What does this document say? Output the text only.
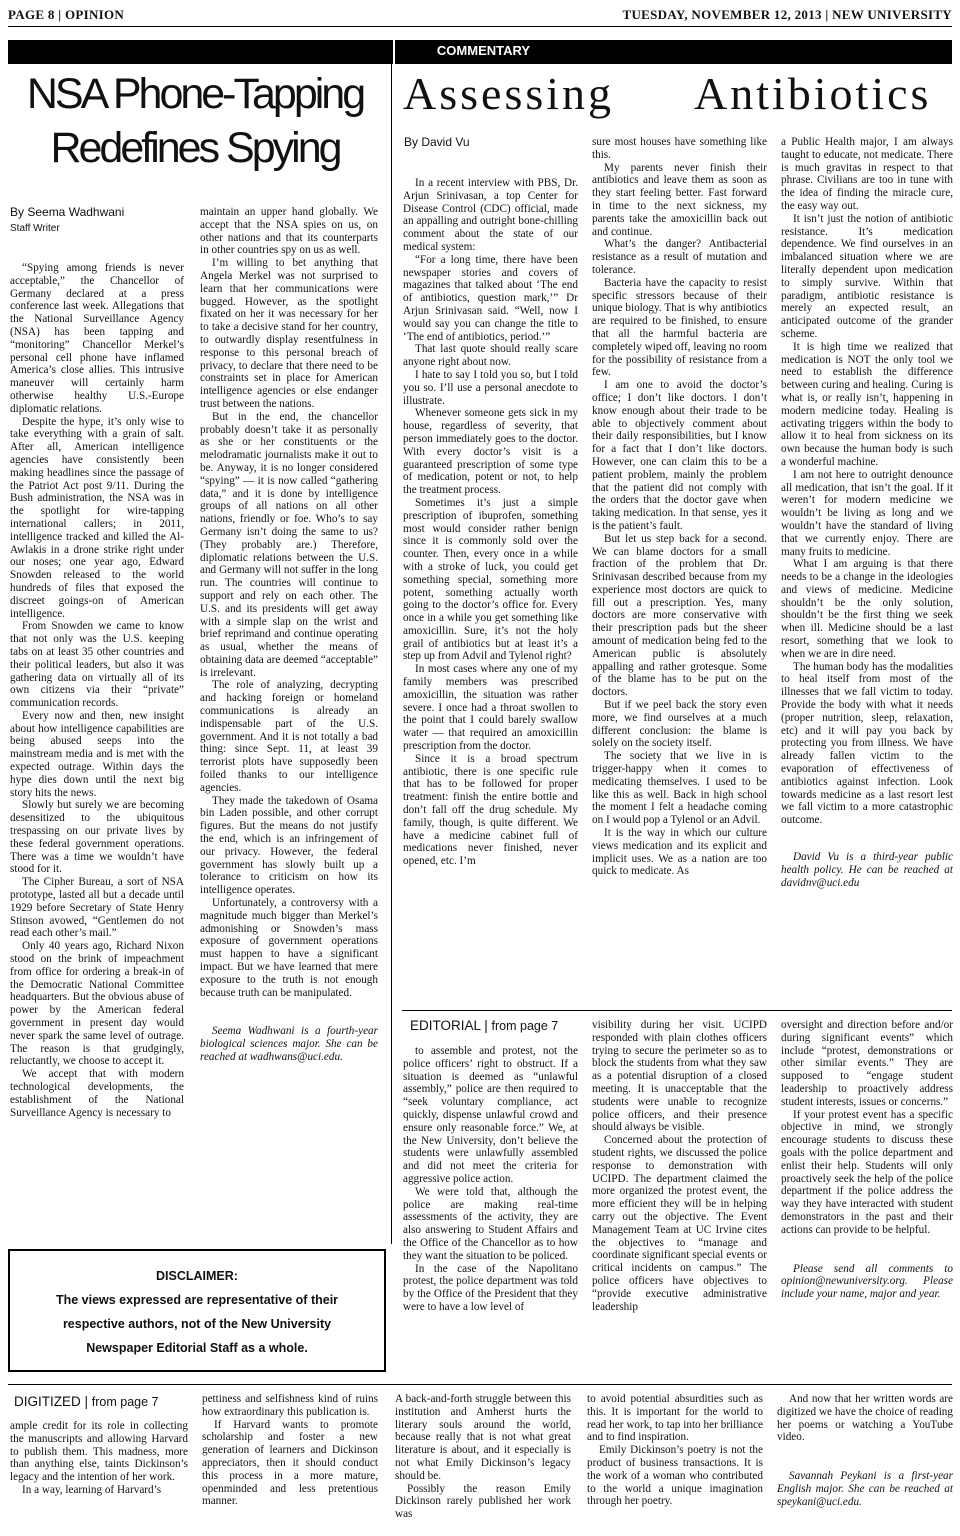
PAGE 8 | OPINION	TUESDAY, NOVEMBER 12, 2013 | NEW UNIVERSITY
NSA Phone-Tapping
Redefines Spying
By Seema Wadhwani
Staff Writer

“Spying among friends is never acceptable,” the Chancellor of Germany declared at a press conference last week. Allegations that the National Surveillance Agency (NSA) has been tapping and “monitoring” Chancellor Merkel’s personal cell phone have inflamed America’s close allies. This intrusive maneuver will certainly harm otherwise healthy U.S.-Europe diplomatic relations.

Despite the hype, it’s only wise to take everything with a grain of salt. After all, American intelligence agencies have consistently been making headlines since the passage of the Patriot Act post 9/11. During the Bush administration, the NSA was in the spotlight for wire-tapping international callers; in 2011, intelligence tracked and killed the Al-Awlakis in a drone strike right under our noses; one year ago, Edward Snowden released to the world hundreds of files that exposed the discreet goings-on of American intelligence.

From Snowden we came to know that not only was the U.S. keeping tabs on at least 35 other countries and their political leaders, but also it was gathering data on virtually all of its own citizens via their “private” communication records.

Every now and then, new insight about how intelligence capabilities are being abused seeps into the mainstream media and is met with the expected outrage. Within days the hype dies down until the next big story hits the news.

Slowly but surely we are becoming desensitized to the ubiquitous trespassing on our private lives by these federal government operations. There was a time we wouldn’t have stood for it.

The Cipher Bureau, a sort of NSA prototype, lasted all but a decade until 1929 before Secretary of State Henry Stinson avowed, “Gentlemen do not read each other’s mail.”

Only 40 years ago, Richard Nixon stood on the brink of impeachment from office for ordering a break-in of the Democratic National Committee headquarters. But the obvious abuse of power by the American federal government in present day would never spark the same level of outrage. The reason is that grudgingly, reluctantly, we choose to accept it.

We accept that with modern technological developments, the establishment of the National Surveillance Agency is necessary to

maintain an upper hand globally. We accept that the NSA spies on us, on other nations and that its counterparts in other countries spy on us as well.

I’m willing to bet anything that Angela Merkel was not surprised to learn that her communications were bugged. However, as the spotlight fixated on her it was necessary for her to take a decisive stand for her country, to outwardly display resentfulness in response to this personal breach of privacy, to declare that there need to be constraints set in place for American intelligence agencies or else endanger trust between the nations.

But in the end, the chancellor probably doesn’t take it as personally as she or her constituents or the melodramatic journalists make it out to be. Anyway, it is no longer considered “spying” — it is now called “gathering data,” and it is done by intelligence groups of all nations on all other nations, friendly or foe. Who’s to say Germany isn’t doing the same to us? (They probably are.) Therefore, diplomatic relations between the U.S. and Germany will not suffer in the long run. The countries will continue to support and rely on each other. The U.S. and its presidents will get away with a simple slap on the wrist and brief reprimand and continue operating as usual, whether the means of obtaining data are deemed “acceptable” is irrelevant.

The role of analyzing, decrypting and hacking foreign or homeland communications is already an indispensable part of the U.S. government. And it is not totally a bad thing: since Sept. 11, at least 39 terrorist plots have supposedly been foiled thanks to our intelligence agencies.

They made the takedown of Osama bin Laden possible, and other corrupt figures. But the means do not justify the end, which is an infringement of our privacy. However, the federal government has slowly built up a tolerance to criticism on how its intelligence operates.

Unfortunately, a controversy with a magnitude much bigger than Merkel’s admonishing or Snowden’s mass exposure of government operations must happen to have a significant impact. But we have learned that mere exposure to the truth is not enough because truth can be manipulated.

Seema Wadhwani is a fourth-year biological sciences major. She can be reached at wadhwans@uci.edu.

DISCLAIMER:
The views expressed are representative of their
respective authors, not of the New University
Newspaper Editorial Staff as a whole.
COMMENTARY
Assessing Antibiotics
By David Vu

In a recent interview with PBS, Dr. Arjun Srinivasan, a top Center for Disease Control (CDC) official, made an appalling and outright bone-chilling comment about the state of our medical system:

“For a long time, there have been newspaper stories and covers of magazines that talked about ‘The end of antibiotics, question mark,’” Dr Arjun Srinivasan said. “Well, now I would say you can change the title to ‘The end of antibiotics, period.’”

That last quote should really scare anyone right about now.

I hate to say I told you so, but I told you so. I’ll use a personal anecdote to illustrate.

Whenever someone gets sick in my house, regardless of severity, that person immediately goes to the doctor. With every doctor’s visit is a guaranteed prescription of some type of medication, potent or not, to help the treatment process.

Sometimes it’s just a simple prescription of ibuprofen, something most would consider rather benign since it is commonly sold over the counter. Then, every once in a while with a stroke of luck, you could get something special, something more potent, something actually worth going to the doctor’s office for. Every once in a while you get something like amoxicillin. Sure, it’s not the holy grail of antibiotics but at least it’s a step up from Advil and Tylenol right?

In most cases where any one of my family members was prescribed amoxicillin, the situation was rather severe. I once had a throat swollen to the point that I could barely swallow water — that required an amoxicillin prescription from the doctor.

Since it is a broad spectrum antibiotic, there is one specific rule that has to be followed for proper treatment: finish the entire bottle and don’t fall off the drug schedule. My family, though, is quite different. We have a medicine cabinet full of medications never finished, never opened, etc. I’m

sure most houses have something like this.

My parents never finish their antibiotics and leave them as soon as they start feeling better. Fast forward in time to the next sickness, my parents take the amoxicillin back out and continue.

What’s the danger? Antibacterial resistance as a result of mutation and tolerance.

Bacteria have the capacity to resist specific stressors because of their unique biology. That is why antibiotics are required to be finished, to ensure that all the harmful bacteria are completely wiped off, leaving no room for the possibility of resistance from a few.

I am one to avoid the doctor’s office; I don’t like doctors. I don’t know enough about their trade to be able to objectively comment about their daily responsibilities, but I know for a fact that I don’t like doctors. However, one can claim this to be a patient problem, mainly the problem that the patient did not comply with the orders that the doctor gave when taking medication. In that sense, yes it is the patient’s fault.

But let us step back for a second. We can blame doctors for a small fraction of the problem that Dr. Srinivasan described because from my experience most doctors are quick to fill out a prescription. Yes, many doctors are more conservative with their prescription pads but the sheer amount of medication being fed to the American public is absolutely appalling and rather grotesque. Some of the blame has to be put on the doctors.

But if we peel back the story even more, we find ourselves at a much different conclusion: the blame is solely on the society itself.

The society that we live in is trigger-happy when it comes to medicating themselves. I used to be like this as well. Back in high school the moment I felt a headache coming on I would pop a Tylenol or an Advil.

It is the way in which our culture views medication and its explicit and implicit uses. We as a nation are too quick to medicate. As

a Public Health major, I am always taught to educate, not medicate. There is much gravitas in respect to that phrase. Civilians are too in tune with the idea of finding the miracle cure, the easy way out.

It isn’t just the notion of antibiotic resistance. It’s medication dependence. We find ourselves in an imbalanced situation where we are literally dependent upon medication to simply survive. Within that paradigm, antibiotic resistance is merely an expected result, an anticipated outcome of the grander scheme.

It is high time we realized that medication is NOT the only tool we need to establish the difference between curing and healing. Curing is what is, or really isn’t, happening in modern medicine today. Healing is activating triggers within the body to allow it to heal from sickness on its own because the human body is such a wonderful machine.

I am not here to outright denounce all medication, that isn’t the goal. If it weren’t for modern medicine we wouldn’t be living as long and we wouldn’t have the standard of living that we currently enjoy. There are many fruits to medicine.

What I am arguing is that there needs to be a change in the ideologies and views of medicine. Medicine shouldn’t be the only solution, shouldn’t be the first thing we seek when ill. Medicine should be a last resort, something that we look to when we are in dire need.

The human body has the modalities to heal itself from most of the illnesses that we fall victim to today. Provide the body with what it needs (proper nutrition, sleep, relaxation, etc) and it will pay you back by protecting you from illness. We have already fallen victim to the evaporation of effectiveness of antibiotics against infection. Look towards medicine as a last resort lest we fall victim to a more catastrophic outcome.

David Vu is a third-year public health policy. He can be reached at davidnv@uci.edu

EDITORIAL | from page 7

to assemble and protest, not the police officers’ right to obstruct. If a situation is deemed as “unlawful assembly,” police are then required to “seek voluntary compliance, act quickly, dispense unlawful crowd and ensure only reasonable force.” We, at the New University, don’t believe the students were unlawfully assembled and did not meet the criteria for aggressive police action.

We were told that, although the police are making real-time assessments of the activity, they are also answering to Student Affairs and the Office of the Chancellor as to how they want the situation to be policed.

In the case of the Napolitano protest, the police department was told by the Office of the President that they were to have a low level of

visibility during her visit. UCIPD responded with plain clothes officers trying to secure the perimeter so as to block the students from what they saw as a potential disruption of a closed meeting. It is unacceptable that the students were unable to recognize police officers, and their presence should always be visible.

Concerned about the protection of student rights, we discussed the police response to demonstration with UCIPD. The department claimed the more organized the protest event, the more efficient they will be in helping carry out the objective. The Event Management Team at UC Irvine cites the objectives to “manage and coordinate significant special events or critical incidents on campus.” The police officers have objectives to “provide executive administrative leadership

oversight and direction before and/or during significant events” which include “protest, demonstrations or other similar events.” They are supposed to “engage student leadership to proactively address student interests, issues or concerns.”

If your protest event has a specific objective in mind, we strongly encourage students to discuss these goals with the police department and enlist their help. Students will only proactively seek the help of the police department if the police address the way they have interacted with student demonstrators in the past and their actions can provide to be helpful.

Please send all comments to opinion@newuniversity.org. Please include your name, major and year.

DIGITIZED | from page 7

ample credit for its role in collecting the manuscripts and allowing Harvard to publish them. This madness, more than anything else, taints Dickinson’s legacy and the intention of her work.

In a way, learning of Harvard’s

pettiness and selfishness kind of ruins how extraordinary this publication is.

If Harvard wants to promote scholarship and foster a new generation of learners and Dickinson appreciators, then it should conduct this process in a more mature, openminded and less pretentious manner.

A back-and-forth struggle between this institution and Amherst hurts the literary souls around the world, because really that is not what great literature is about, and it especially is not what Emily Dickinson’s legacy should be.

Possibly the reason Emily Dickinson rarely published her work was

to avoid potential absurdities such as this. It is important for the world to read her work, to tap into her brilliance and to find inspiration.

Emily Dickinson’s poetry is not the product of business transactions. It is the work of a woman who contributed to the world a unique imagination through her poetry.

And now that her written words are digitized we have the choice of reading her poems or watching a YouTube video.

Savannah Peykani is a first-year English major. She can be reached at speykani@uci.edu.
